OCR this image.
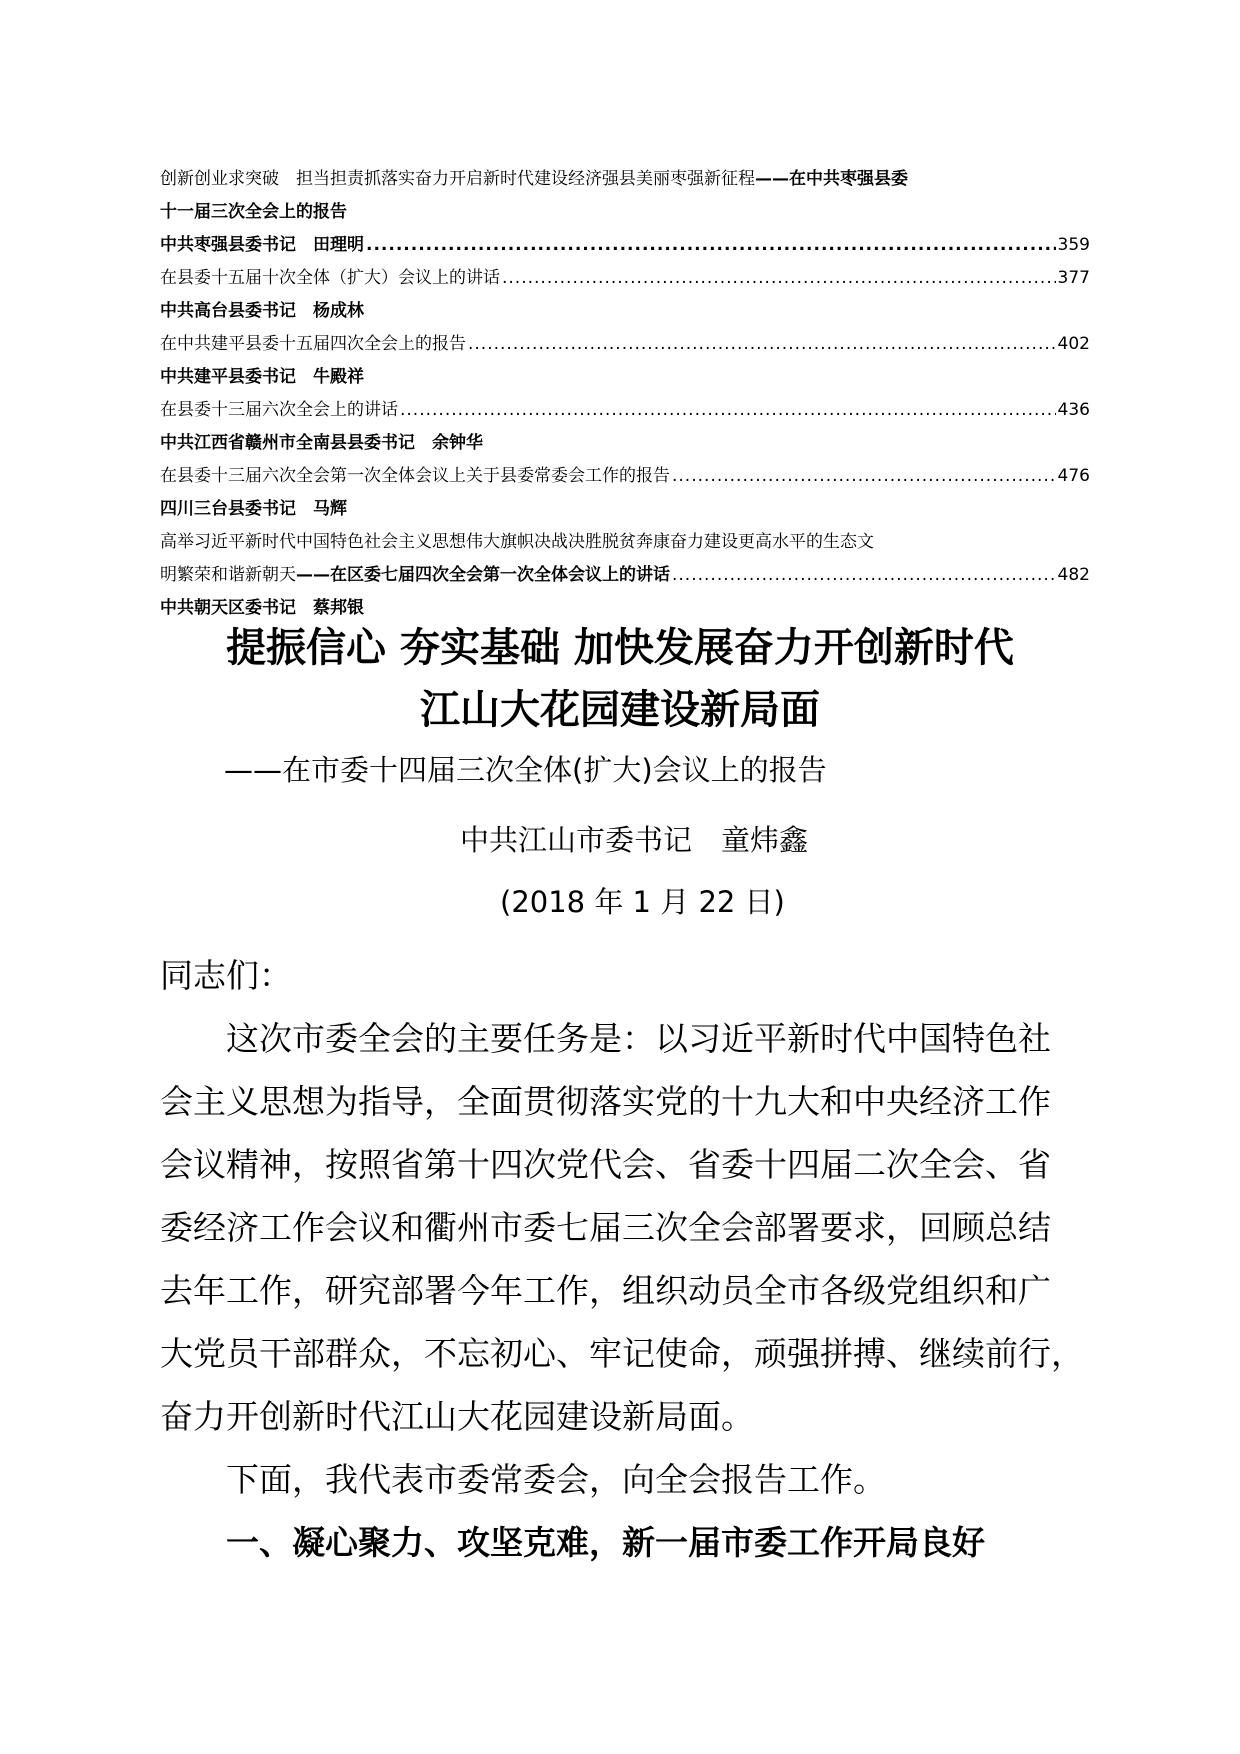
创新创业求突破　担当担责抓落实奋力开启新时代建设经济强县美丽枣强新征程——在中共枣强县委
十一届三次全会上的报告
中共枣强县委书记　田理明 .....	359
在县委十五届十次全体（扩大）会议上的讲话 .....	377
中共高台县委书记　杨成林
在中共建平县委十五届四次全会上的报告 .....	402
中共建平县委书记　牛殿祥
在县委十三届六次全会上的讲话 .....	436
中共江西省赣州市全南县县委书记　余钟华
在县委十三届六次全会第一次全体会议上关于县委常委会工作的报告 .....	476
四川三台县委书记　马辉
高举习近平新时代中国特色社会主义思想伟大旗帜决战决胜脱贫奔康奋力建设更高水平的生态文
明繁荣和谐新朝天 ——在区委七届四次全会第一次全体会议上的讲话 .....	482
中共朝天区委书记　蔡邦银
提振信心 夯实基础 加快发展奋力开创新时代
江山大花园建设新局面
——在市委十四届三次全体(扩大)会议上的报告
中共江山市委书记　童炜鑫
(2018 年 1 月 22 日)
同志们：
这次市委全会的主要任务是：以习近平新时代中国特色社
会主义思想为指导，全面贯彻落实党的十九大和中央经济工作
会议精神，按照省第十四次党代会、省委十四届二次全会、省
委经济工作会议和衢州市委七届三次全会部署要求，回顾总结
去年工作，研究部署今年工作，组织动员全市各级党组织和广
大党员干部群众，不忘初心、牢记使命，顽强拼搏、继续前行，
奋力开创新时代江山大花园建设新局面。
下面，我代表市委常委会，向全会报告工作。
一、凝心聚力、攻坚克难，新一届市委工作开局良好
